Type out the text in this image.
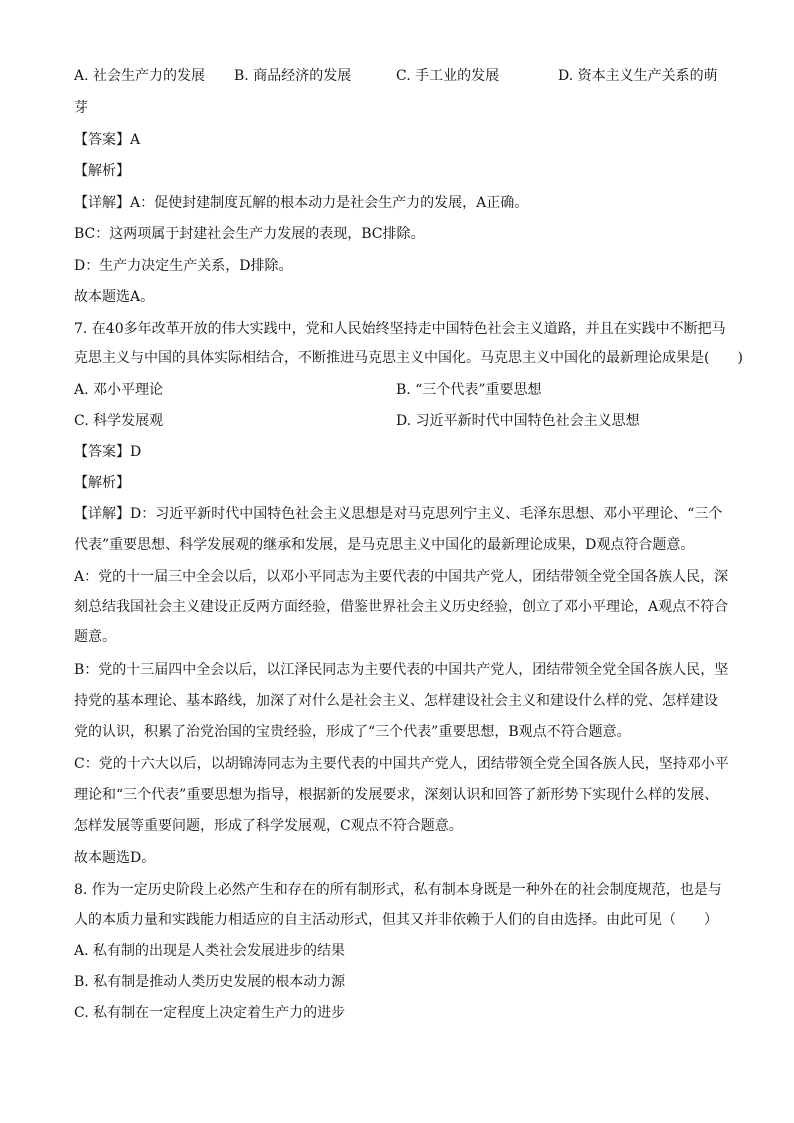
A. 社会生产力的发展 B. 商品经济的发展	C. 手工业的发展	D. 资本主义生产关系的萌
芽
【答案】A
【解析】
【详解】A：促使封建制度瓦解的根本动力是社会生产力的发展，A正确。
BC：这两项属于封建社会生产力发展的表现，BC排除。
D：生产力决定生产关系，D排除。
故本题选A。
7. 在40多年改革开放的伟大实践中，党和人民始终坚持走中国特色社会主义道路，并且在实践中不断把马
克思主义与中国的具体实际相结合，不断推进马克思主义中国化。马克思主义中国化的最新理论成果是(　　)
A. 邓小平理论	B. “三个代表”重要思想
C. 科学发展观	D. 习近平新时代中国特色社会主义思想
【答案】D
【解析】
【详解】D：习近平新时代中国特色社会主义思想是对马克思列宁主义、毛泽东思想、邓小平理论、“三个
代表”重要思想、科学发展观的继承和发展，是马克思主义中国化的最新理论成果，D观点符合题意。
A：党的十一届三中全会以后，以邓小平同志为主要代表的中国共产党人，团结带领全党全国各族人民，深
刻总结我国社会主义建设正反两方面经验，借鉴世界社会主义历史经验，创立了邓小平理论，A观点不符合
题意。
B：党的十三届四中全会以后，以江泽民同志为主要代表的中国共产党人，团结带领全党全国各族人民，坚
持党的基本理论、基本路线，加深了对什么是社会主义、怎样建设社会主义和建设什么样的党、怎样建设
党的认识，积累了治党治国的宝贵经验，形成了“三个代表”重要思想，B观点不符合题意。
C：党的十六大以后，以胡锦涛同志为主要代表的中国共产党人，团结带领全党全国各族人民，坚持邓小平
理论和“三个代表”重要思想为指导，根据新的发展要求，深刻认识和回答了新形势下实现什么样的发展、
怎样发展等重要问题，形成了科学发展观，C观点不符合题意。
故本题选D。
8. 作为一定历史阶段上必然产生和存在的所有制形式，私有制本身既是一种外在的社会制度规范，也是与
人的本质力量和实践能力相适应的自主活动形式，但其又并非依赖于人们的自由选择。由此可见（　　）
A. 私有制的出现是人类社会发展进步的结果
B. 私有制是推动人类历史发展的根本动力源
C. 私有制在一定程度上决定着生产力的进步
